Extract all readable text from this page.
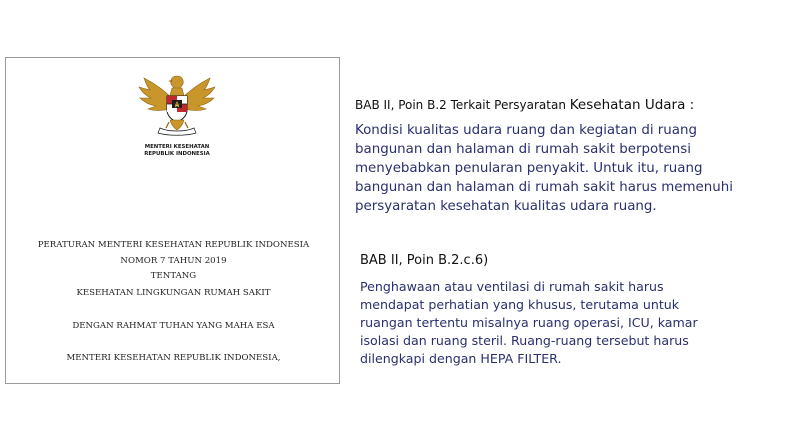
MENTERI KESEHATAN
REPUBLIK INDONESIA
PERATURAN MENTERI KESEHATAN REPUBLIK INDONESIA
NOMOR 7 TAHUN 2019
TENTANG
KESEHATAN LINGKUNGAN RUMAH SAKIT
DENGAN RAHMAT TUHAN YANG MAHA ESA
MENTERI KESEHATAN REPUBLIK INDONESIA,
BAB II, Poin B.2 Terkait Persyaratan Kesehatan Udara :
Kondisi kualitas udara ruang dan kegiatan di ruang
bangunan dan halaman di rumah sakit berpotensi
menyebabkan penularan penyakit. Untuk itu, ruang
bangunan dan halaman di rumah sakit harus memenuhi
persyaratan kesehatan kualitas udara ruang.
BAB II, Poin B.2.c.6)
Penghawaan atau ventilasi di rumah sakit harus
mendapat perhatian yang khusus, terutama untuk
ruangan tertentu misalnya ruang operasi, ICU, kamar
isolasi dan ruang steril. Ruang-ruang tersebut harus
dilengkapi dengan HEPA FILTER.
